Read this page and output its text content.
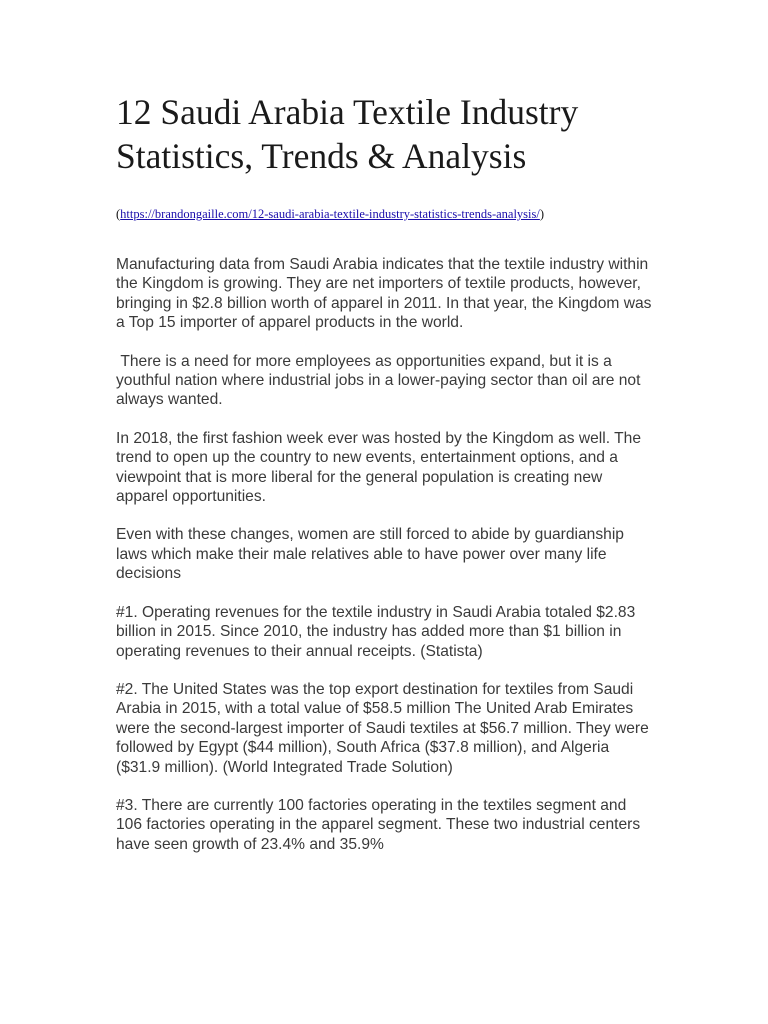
12 Saudi Arabia Textile Industry
Statistics, Trends & Analysis
(https://brandongaille.com/12-saudi-arabia-textile-industry-statistics-trends-analysis/)

Manufacturing data from Saudi Arabia indicates that the textile industry within the Kingdom is growing. They are net importers of textile products, however, bringing in $2.8 billion worth of apparel in 2011. In that year, the Kingdom was a Top 15 importer of apparel products in the world.

There is a need for more employees as opportunities expand, but it is a youthful nation where industrial jobs in a lower-paying sector than oil are not always wanted.

In 2018, the first fashion week ever was hosted by the Kingdom as well. The trend to open up the country to new events, entertainment options, and a viewpoint that is more liberal for the general population is creating new apparel opportunities.

Even with these changes, women are still forced to abide by guardianship laws which make their male relatives able to have power over many life decisions

#1. Operating revenues for the textile industry in Saudi Arabia totaled $2.83 billion in 2015. Since 2010, the industry has added more than $1 billion in operating revenues to their annual receipts. (Statista)

#2. The United States was the top export destination for textiles from Saudi Arabia in 2015, with a total value of $58.5 million The United Arab Emirates were the second-largest importer of Saudi textiles at $56.7 million. They were followed by Egypt ($44 million), South Africa ($37.8 million), and Algeria ($31.9 million). (World Integrated Trade Solution)

#3. There are currently 100 factories operating in the textiles segment and 106 factories operating in the apparel segment. These two industrial centers have seen growth of 23.4% and 35.9%
